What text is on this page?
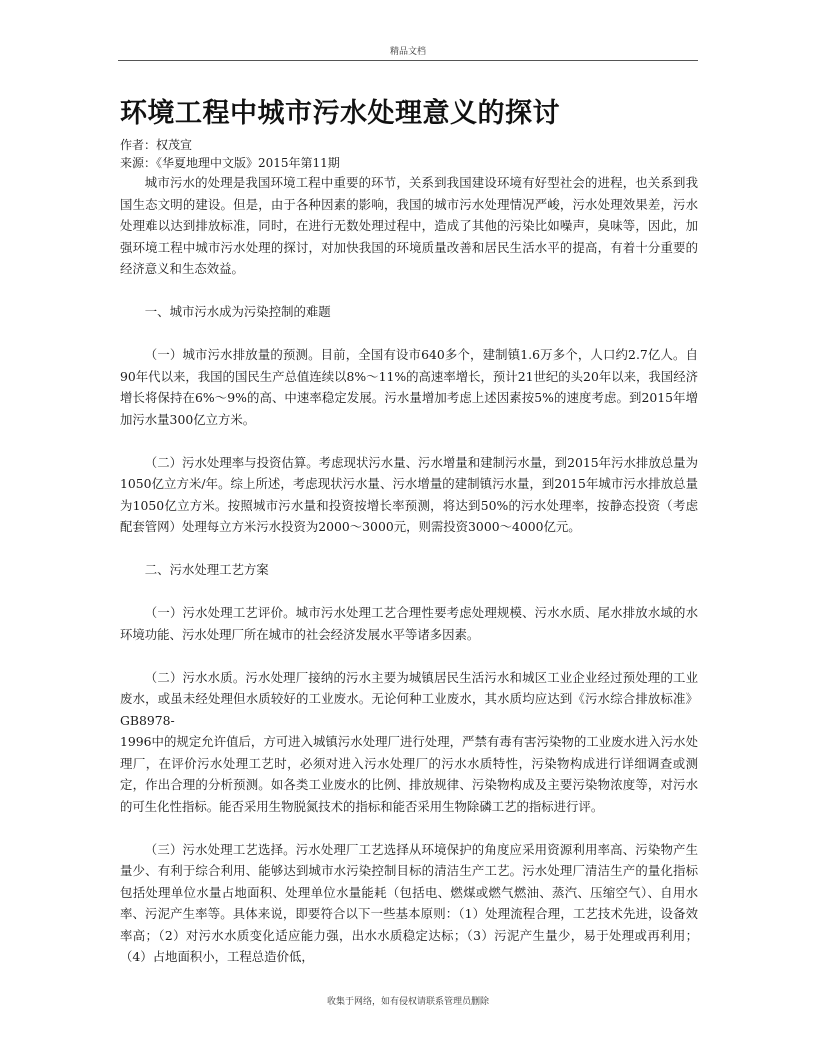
精品文档
环境工程中城市污水处理意义的探讨

作者：权茂宣

来源：《华夏地理中文版》2015年第11期

城市污水的处理是我国环境工程中重要的环节，关系到我国建设环境有好型社会的进程，也关系到我国生态文明的建设。但是，由于各种因素的影响，我国的城市污水处理情况严峻，污水处理效果差，污水处理难以达到排放标准，同时，在进行无数处理过程中，造成了其他的污染比如噪声，臭味等，因此，加强环境工程中城市污水处理的探讨，对加快我国的环境质量改善和居民生活水平的提高，有着十分重要的经济意义和生态效益。

一、城市污水成为污染控制的难题

（一）城市污水排放量的预测。目前，全国有设市640多个，建制镇1.6万多个，人口约2.7亿人。自90年代以来，我国的国民生产总值连续以8%～11%的高速率增长，预计21世纪的头20年以来，我国经济增长将保持在6%～9%的高、中速率稳定发展。污水量增加考虑上述因素按5%的速度考虑。到2015年增加污水量300亿立方米。

（二）污水处理率与投资估算。考虑现状污水量、污水增量和建制污水量，到2015年污水排放总量为1050亿立方米/年。综上所述，考虑现状污水量、污水增量的建制镇污水量，到2015年城市污水排放总量为1050亿立方米。按照城市污水量和投资按增长率预测，将达到50%的污水处理率，按静态投资（考虑配套管网）处理每立方米污水投资为2000～3000元，则需投资3000～4000亿元。

二、污水处理工艺方案

（一）污水处理工艺评价。城市污水处理工艺合理性要考虑处理规模、污水水质、尾水排放水域的水环境功能、污水处理厂所在城市的社会经济发展水平等诸多因素。

（二）污水水质。污水处理厂接纳的污水主要为城镇居民生活污水和城区工业企业经过预处理的工业废水，或虽未经处理但水质较好的工业废水。无论何种工业废水，其水质均应达到《污水综合排放标准》GB8978-

1996中的规定允许值后，方可进入城镇污水处理厂进行处理，严禁有毒有害污染物的工业废水进入污水处理厂，在评价污水处理工艺时，必须对进入污水处理厂的污水水质特性，污染物构成进行详细调查或测定，作出合理的分析预测。如各类工业废水的比例、排放规律、污染物构成及主要污染物浓度等，对污水的可生化性指标。能否采用生物脱氮技术的指标和能否采用生物除磷工艺的指标进行评。

（三）污水处理工艺选择。污水处理厂工艺选择从环境保护的角度应采用资源利用率高、污染物产生量少、有利于综合利用、能够达到城市水污染控制目标的清洁生产工艺。污水处理厂清洁生产的量化指标包括处理单位水量占地面积、处理单位水量能耗（包括电、燃煤或燃气燃油、蒸汽、压缩空气）、自用水率、污泥产生率等。具体来说，即要符合以下一些基本原则：（1）处理流程合理，工艺技术先进，设备效率高；（2）对污水水质变化适应能力强，出水水质稳定达标；（3）污泥产生量少，易于处理或再利用；（4）占地面积小，工程总造价低，

收集于网络，如有侵权请联系管理员删除
